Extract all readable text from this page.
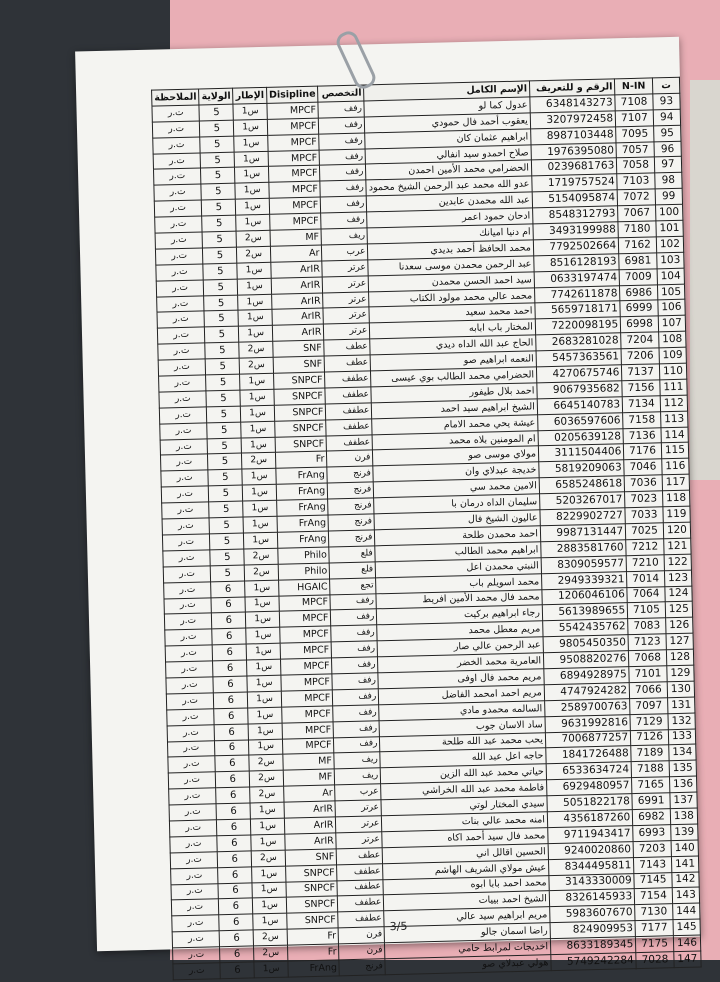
الملاحظة	الولاية	الإطار	Disipline	التخصص	الإسم الكامل	الرقم و للتعريف	N-IN	ت
ت.ر	5	س1	MPCF	رفف	عدول كما لو	6348143273	7108	93
ت.ر	5	س1	MPCF	رفف	يعقوب أحمد فال حمودي	3207972458	7107	94
ت.ر	5	س1	MPCF	رفف	ابراهيم عثمان كان	8987103448	7095	95
ت.ر	5	س1	MPCF	رفف	صلاح احمدو سيد انفالي	1976395080	7057	96
ت.ر	5	س1	MPCF	رفف	الحضرامي محمد الأمين احمدن	0239681763	7058	97
ت.ر	5	س1	MPCF	رفف	عدو الله محمد عبد الرحمن الشيخ محمود	1719757524	7103	98
ت.ر	5	س1	MPCF	رفف	عبد الله محمدن عابدين	5154095874	7072	99
ت.ر	5	س1	MPCF	رفف	ادحان حمود اعمر	8548312793	7067	100
ت.ر	5	س2	MF	ريف	ام دنيا اميانك	3493199988	7180	101
ت.ر	5	س2	Ar	عرب	محمد الحافظ أحمد بديدي	7792502664	7162	102
ت.ر	5	س1	ArIR	عرتر	عبد الرحمن محمدن موسى سعدنا	8516128193	6981	103
ت.ر	5	س1	ArIR	عرتر	سيد احمد الحسن محمدن	0633197474	7009	104
ت.ر	5	س1	ArIR	عرتر	محمد عالي محمد مولود الكتاب	7742611878	6986	105
ت.ر	5	س1	ArIR	عرتر	احمد محمد سعيد	5659718171	6999	106
ت.ر	5	س1	ArIR	عرتر	المختار باب ابابه	7220098195	6998	107
ت.ر	5	س2	SNF	عطف	الحاج عبد الله الداه ديدي	2683281028	7204	108
ت.ر	5	س2	SNF	عطف	النعمه ابراهيم صو	5457363561	7206	109
ت.ر	5	س1	SNPCF	عطفف	الحضرامي محمد الطالب بوي عيسى	4270675746	7137	110
ت.ر	5	س1	SNPCF	عطفف	احمد بلال طيفور	9067935682	7156	111
ت.ر	5	س1	SNPCF	عطفف	الشيخ ابراهيم سيد احمد	6645140783	7134	112
ت.ر	5	س1	SNPCF	عطفف	عيشة يحي محمد الامام	6036597606	7158	113
ت.ر	5	س1	SNPCF	عطفف	ام المومنين بلاه محمد	0205639128	7136	114
ت.ر	5	س2	Fr	فرن	مولاي موسى صو	3111504406	7176	115
ت.ر	5	س1	FrAng	فرنج	خديجة عبدلاي وان	5819209063	7046	116
ت.ر	5	س1	FrAng	فرنج	الامين محمد سي	6585248618	7036	117
ت.ر	5	س1	FrAng	فرنج	سليمان الداه درمان با	5203267017	7023	118
ت.ر	5	س1	FrAng	فرنج	عاليون الشيخ فال	8229902727	7033	119
ت.ر	5	س1	FrAng	فرنج	احمد محمدن طلحة	9987131447	7025	120
ت.ر	5	س2	Philo	فلع	ابراهيم محمد الطالب	2883581760	7212	121
ت.ر	5	س2	Philo	فلع	النبتي محمدن اعل	8309059577	7210	122
ت.ر	6	س1	HGAIC	تجع	محمد اسويلم باب	2949339321	7014	123
ت.ر	6	س1	MPCF	رفف	محمد فال محمد الأمين افريط	1206046106	7064	124
ت.ر	6	س1	MPCF	رفف	رجاء ابراهيم بركيت	5613989655	7105	125
ت.ر	6	س1	MPCF	رفف	مريم معطل محمد	5542435762	7083	126
ت.ر	6	س1	MPCF	رفف	عبد الرحمن عالي صار	9805450350	7123	127
ت.ر	6	س1	MPCF	رفف	العامرية محمد الخضر	9508820276	7068	128
ت.ر	6	س1	MPCF	رفف	مريم محمد فال اوفى	6894928975	7101	129
ت.ر	6	س1	MPCF	رفف	مريم احمد امحمد الفاضل	4747924282	7066	130
ت.ر	6	س1	MPCF	رفف	السالمه محمدو مادي	2589700763	7097	131
ت.ر	6	س1	MPCF	رفف	ساد الاسان جوب	9631992816	7129	132
ت.ر	6	س1	MPCF	رفف	يحب محمد عبد الله طلحة	7006877257	7126	133
ت.ر	6	س2	MF	ريف	حاجه اعل عبد الله	1841726488	7189	134
ت.ر	6	س2	MF	ريف	حياتي محمد عبد الله الزين	6533634724	7188	135
ت.ر	6	س2	Ar	عرب	فاطمة محمد عبد الله الخراشي	6929480957	7165	136
ت.ر	6	س1	ArIR	عرتر	سيدي المختار لوتي	5051822178	6991	137
ت.ر	6	س1	ArIR	عرتر	امنه محمد عالي بنات	4356187260	6982	138
ت.ر	6	س1	ArIR	عرتر	محمد فال سيد أحمد اكاه	9711943417	6993	139
ت.ر	6	س2	SNF	عطف	الحسين اقالل اني	9240020860	7203	140
ت.ر	6	س1	SNPCF	عطفف	عيش مولاي الشريف الهاشم	8344495811	7143	141
ت.ر	6	س1	SNPCF	عطفف	محمد احمد بابا ابوه	3143330009	7145	142
ت.ر	6	س1	SNPCF	عطفف	الشيخ احمد بييات	8326145933	7154	143
ت.ر	6	س1	SNPCF	عطفف	مريم ابراهيم سيد عالي	5983607670	7130	144
ت.ر	6	س2	Fr	فرن	راضا اسمان جالو	824909953	7177	145
ت.ر	6	س2	Fr	فرن	اخديجات لمرابط حامي	8633189345	7175	146
ت.ر	6	س1	FrAng	فرنج	هولي عبدلاي صو	5749242284	7028	147
3/5
